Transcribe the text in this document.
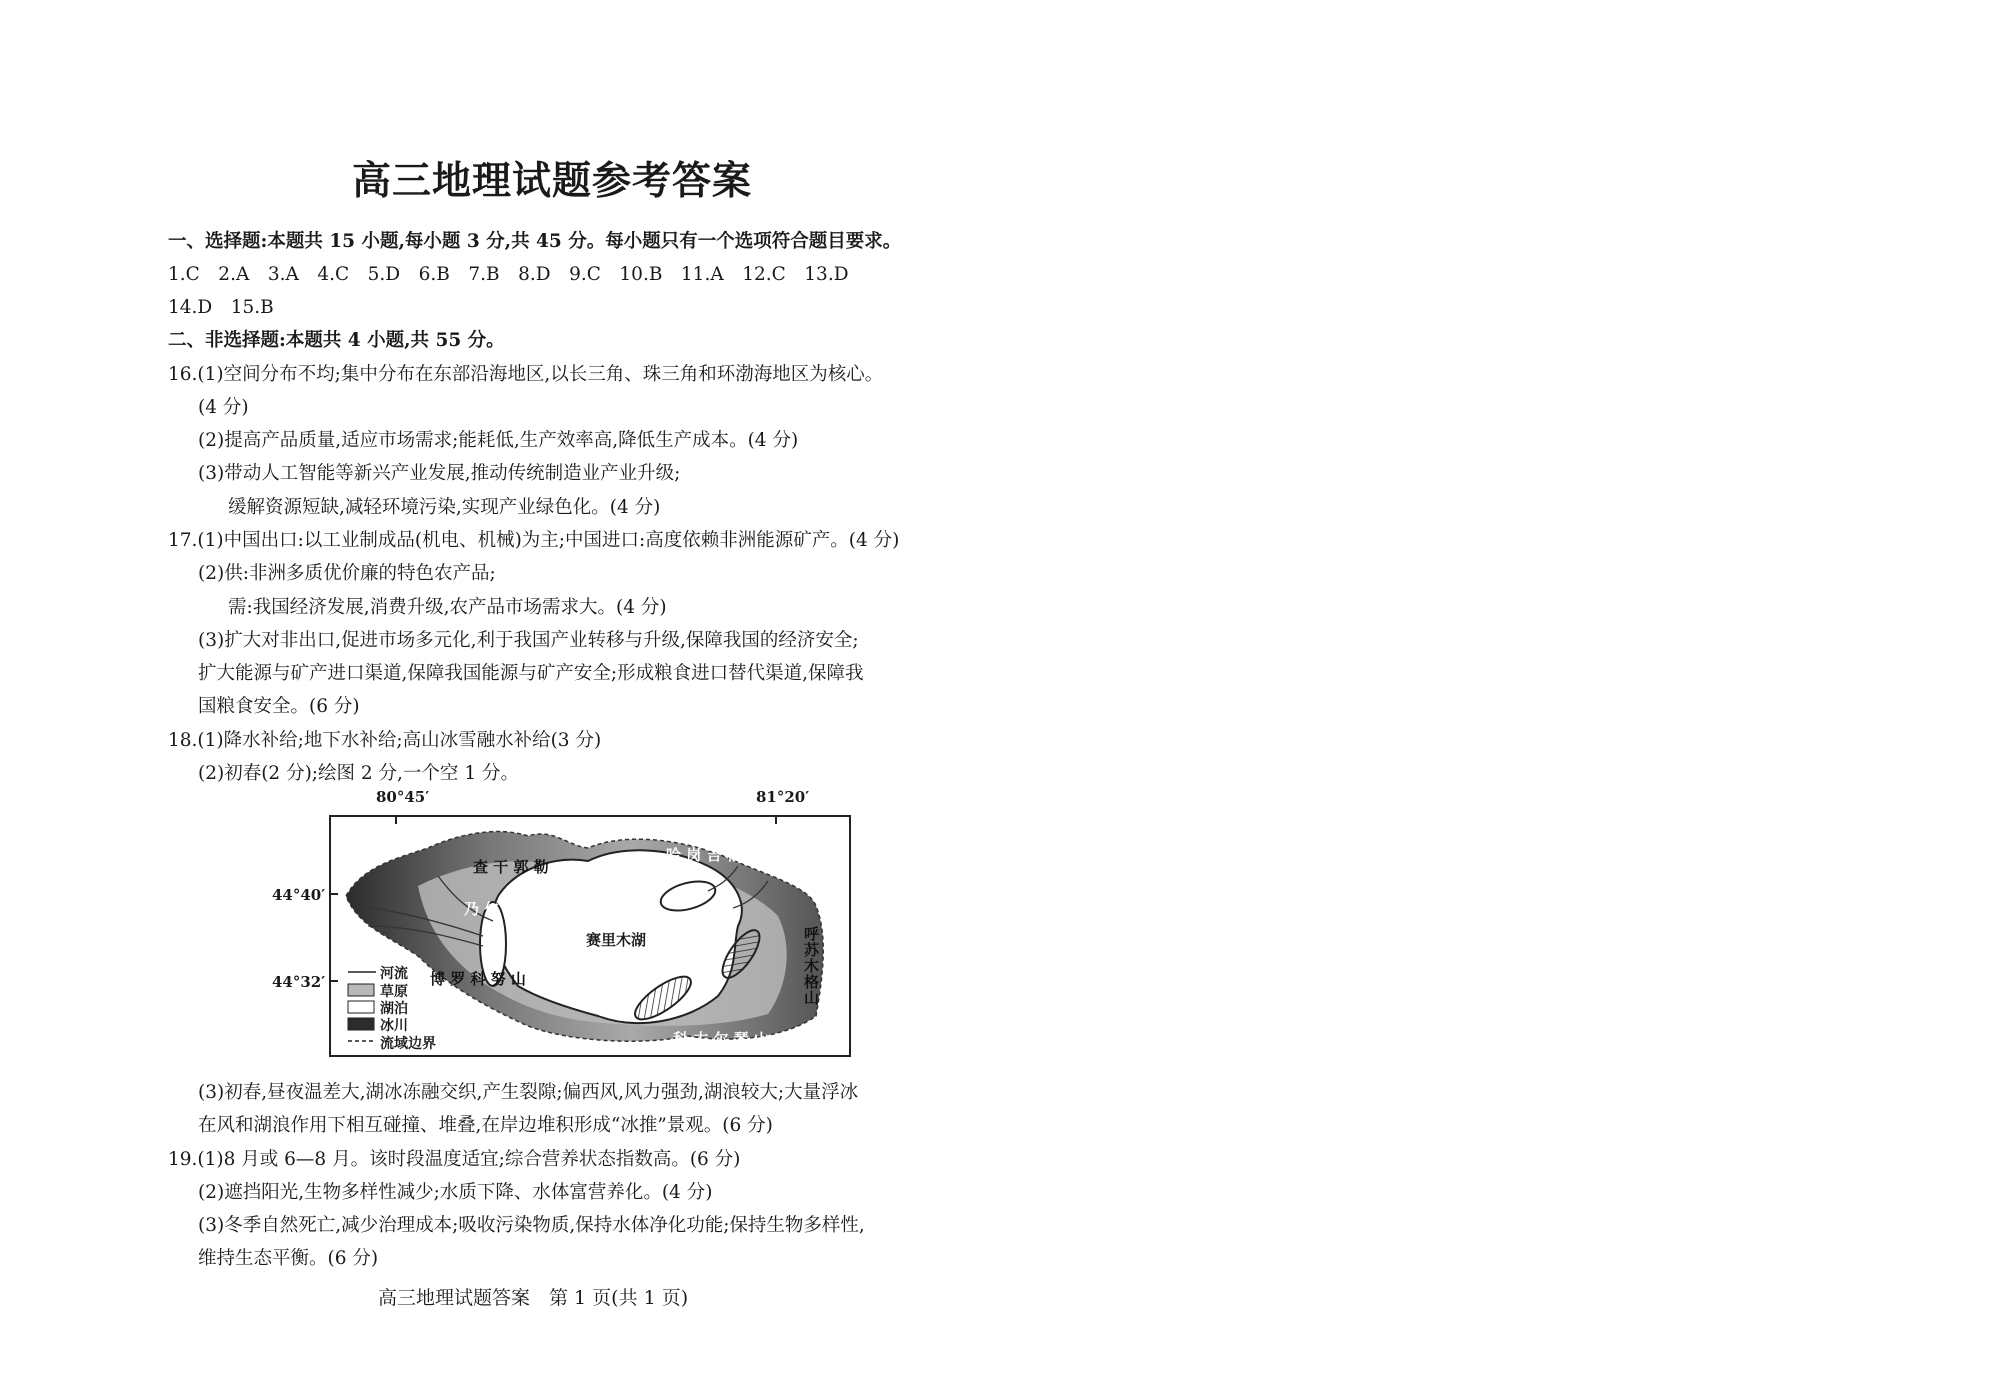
高三地理试题参考答案
一、选择题:本题共 15 小题,每小题 3 分,共 45 分。每小题只有一个选项符合题目要求。
1.C　2.A　3.A　4.C　5.D　6.B　7.B　8.D　9.C　10.B　11.A　12.C　13.D
14.D　15.B
二、非选择题:本题共 4 小题,共 55 分。
16.(1)空间分布不均;集中分布在东部沿海地区,以长三角、珠三角和环渤海地区为核心。
(4 分)
(2)提高产品质量,适应市场需求;能耗低,生产效率高,降低生产成本。(4 分)
(3)带动人工智能等新兴产业发展,推动传统制造业产业升级;
缓解资源短缺,减轻环境污染,实现产业绿色化。(4 分)
17.(1)中国出口:以工业制成品(机电、机械)为主;中国进口:高度依赖非洲能源矿产。(4 分)
(2)供:非洲多质优价廉的特色农产品;
需:我国经济发展,消费升级,农产品市场需求大。(4 分)
(3)扩大对非出口,促进市场多元化,利于我国产业转移与升级,保障我国的经济安全;
扩大能源与矿产进口渠道,保障我国能源与矿产安全;形成粮食进口替代渠道,保障我
国粮食安全。(6 分)
18.(1)降水补给;地下水补给;高山冰雪融水补给(3 分)
(2)初春(2 分);绘图 2 分,一个空 1 分。
80°45′	81°20′
44°40′
44°32′
赛里木湖
哈 岗 吉 格 山
查 干 郭 勒
乃 仁 乌 苏 河
博 罗 科 努 山
呼 苏 木 格 山
科 古 尔 琴 山
河流
草原
湖泊
冰川
流域边界
(3)初春,昼夜温差大,湖冰冻融交织,产生裂隙;偏西风,风力强劲,湖浪较大;大量浮冰
在风和湖浪作用下相互碰撞、堆叠,在岸边堆积形成“冰推”景观。(6 分)
19.(1)8 月或 6—8 月。该时段温度适宜;综合营养状态指数高。(6 分)
(2)遮挡阳光,生物多样性减少;水质下降、水体富营养化。(4 分)
(3)冬季自然死亡,减少治理成本;吸收污染物质,保持水体净化功能;保持生物多样性,
维持生态平衡。(6 分)
高三地理试题答案　第 1 页(共 1 页)
